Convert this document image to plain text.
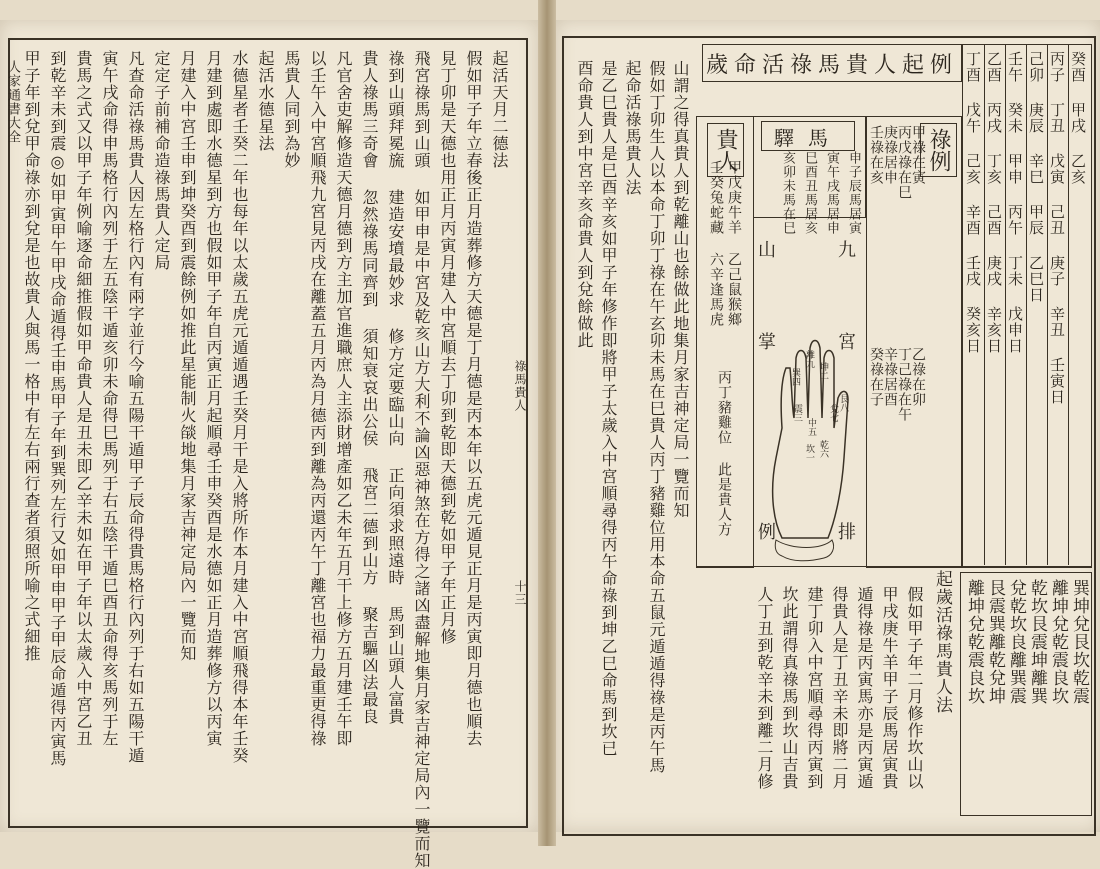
起活天月二德法
假如甲子年立春後正月造葬修方天德是丁月德是丙本年以五虎元遁見正月是丙寅即月德也順去
見丁卯是天德也用正月丙寅月建入中宮順去丁卯到乾即天德到乾如甲子年正月修
飛宮祿馬到山頭 如甲申是中宮及乾亥山方大利不論凶惡神煞在方得之諸凶盡解地集月家吉神定局內一覽而知
祿到山頭拜冕旒 建造安墳最妙求 修方定要臨山向 正向須求照遠時 馬到山頭人富貴
貴人祿馬三奇會 忽然祿馬同齊到 須知衰哀出公侯 飛宮二德到山方 聚吉驅凶法最良
凡官舍吏解修造天德月德到方主加官進職庶人主添財增產如乙未年五月干上修方五月建壬午即
以壬午入中宮順飛九宮見丙戌在離蓋五月丙為月德丙到離為丙還丙午丁離宮也福力最重更得祿
馬貴人同到為妙
起活水德星法
水德星者壬癸二年也每年以太歲五虎元遁遁遇壬癸月干是入將所作本月建入中宮順飛得本年壬癸
月建到處即水德星到方也假如甲子年自丙寅正月起順尋壬申癸酉是水德如正月造葬修方以丙寅
月建入中宮壬申到坤癸酉到震餘例如推此星能制火燄地集月家吉神定局內一覽而知
定定子前補命造祿馬貴人定局
凡查命活祿馬貴人因左格行內有兩字並行今喻五陽干遁甲子辰命得貴馬格行內列于右如五陽干遁
寅午戌命得申馬格行內列于左五陰干遁亥卯未命得巳馬列于右五陰干遁巳酉丑命得亥馬列于左
貴馬之式又以甲子年例喻逐命細推假如甲命貴人是丑未即乙辛未如在甲子年以太歲入中宮乙丑
到乾辛未到震◎如甲寅甲午甲戌命遁得壬申馬甲子年到巽列左行又如甲申甲子甲辰命遁得丙寅馬
甲子年到兌甲命祿亦到兌是也故貴人與馬一格中有左右兩行查者須照所喻之式細推
人家通書大全
祿馬貴人
十三
歲命活祿馬貴人起例	癸酉 甲戌 乙亥
丙子 丁丑 戊寅 己丑 庚子 辛丑 壬寅日
己卯 庚辰 辛巳 甲辰 乙巳日
壬午 癸未 甲申 丙午 丁未 戊申日
乙酉 丙戌 丁亥 己酉 庚戌 辛亥日
丁酉 戊午 己亥 辛酉 壬戌 癸亥日
祿例
甲祿在寅
乙祿在卯
丙戊祿在巳
丁己祿在午
庚祿居申
辛祿居酉
壬祿在亥
癸祿在子
驛馬
申子辰馬居寅
寅午戌馬居申
巳酉丑馬居亥
亥卯未馬在巳
貴人
甲戊庚牛羊 乙己鼠猴鄉
壬癸兔蛇藏 六辛逢馬虎
丙丁豬雞位 此是貴人方
九
宮
掌
排
例
山
巽四
離九
坤二
震三
中五
兌七
艮八
坎一 乾六
山謂之得真貴人到乾離山也餘做此地集月家吉神定局一覽而知
假如丁卯生人以本命丁卯丁祿在午玄卯未馬在巳貴人丙丁豬雞位用本命五鼠元遁遁得祿是丙午馬
起命活祿馬貴人法
是乙巳貴人是巳酉辛亥如甲子年修作即將甲子太歲入中宮順尋得丙午命祿到坤乙巳命馬到坎已
酉命貴人到中宮辛亥命貴人到兌餘做此
起歲活祿馬貴人法
假如甲子年二月修作坎山以
甲戌庚牛羊甲子辰馬居寅貴
遁得祿是丙寅馬亦是丙寅遁
得貴人是丁丑辛未即將二月
建丁卯入中宮順尋得丙寅到
坎此謂得真祿馬到坎山吉貴
人丁丑到乾辛未到離二月修	巽坤兌艮坎乾震
離坤兌乾震良坎
乾坎艮震坤離巽
兌乾坎良離巽震
艮震巽離乾兌坤
離坤兌乾震良坎
